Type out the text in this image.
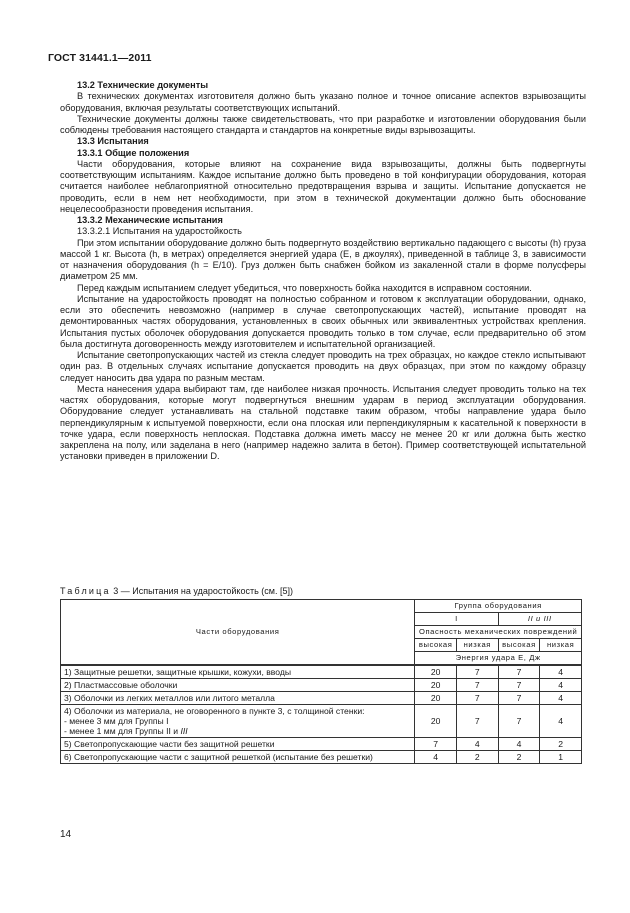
ГОСТ 31441.1—2011
13.2 Технические документы

В технических документах изготовителя должно быть указано полное и точное описание аспектов взрывозащиты оборудования, включая результаты соответствующих испытаний.

Технические документы должны также свидетельствовать, что при разработке и изготовлении оборудования были соблюдены требования настоящего стандарта и стандартов на конкретные виды взрывозащиты.

13.3 Испытания
13.3.1 Общие положения

Части оборудования, которые влияют на сохранение вида взрывозащиты, должны быть подвергнуты соответствующим испытаниям. Каждое испытание должно быть проведено в той конфигурации оборудования, которая считается наиболее неблагоприятной относительно предотвращения взрыва и защиты. Испытание допускается не проводить, если в нем нет необходимости, при этом в технической документации должно быть обоснование нецелесообразности проведения испытания.

13.3.2 Механические испытания
13.3.2.1 Испытания на ударостойкость

При этом испытании оборудование должно быть подвергнуто воздействию вертикально падающего с высоты (h) груза массой 1 кг. Высота (h, в метрах) определяется энергией удара (E, в джоулях), приведенной в таблице 3, в зависимости от назначения оборудования (h = E/10). Груз должен быть снабжен бойком из закаленной стали в форме полусферы диаметром 25 мм.

Перед каждым испытанием следует убедиться, что поверхность бойка находится в исправном состоянии.

Испытание на ударостойкость проводят на полностью собранном и готовом к эксплуатации оборудовании, однако, если это обеспечить невозможно (например в случае светопропускающих частей), испытание проводят на демонтированных частях оборудования, установленных в своих обычных или эквивалентных устройствах крепления. Испытания пустых оболочек оборудования допускается проводить только в том случае, если предварительно об этом была достигнута договоренность между изготовителем и испытательной организацией.

Испытание светопропускающих частей из стекла следует проводить на трех образцах, но каждое стекло испытывают один раз. В отдельных случаях испытание допускается проводить на двух образцах, при этом по каждому образцу следует наносить два удара по разным местам.

Места нанесения удара выбирают там, где наиболее низкая прочность. Испытания следует проводить только на тех частях оборудования, которые могут подвергнуться внешним ударам в период эксплуатации оборудования. Оборудование следует устанавливать на стальной подставке таким образом, чтобы направление удара было перпендикулярным к испытуемой поверхности, если она плоская или перпендикулярным к касательной к поверхности в точке удара, если поверхность неплоская. Подставка должна иметь массу не менее 20 кг или должна быть жестко закреплена на полу, или заделана в него (например надежно залита в бетон). Пример соответствующей испытательной установки приведен в приложении D.

Таблица 3 — Испытания на ударостойкость (см. [5])
Части оборудования	Группа оборудования			
	I		II и III	
	Опасность механических повреждений			
	высокая	низкая	высокая	низкая
	Энергия удара Е, Дж			
1) Защитные решетки, защитные крышки, кожухи, вводы	20	7	7	4
2) Пластмассовые оболочки	20	7	7	4
3) Оболочки из легких металлов или литого металла	20	7	7	4

4) Оболочки из материала, не оговоренного в пункте 3, с толщиной стенки:
- менее 3 мм для Группы I
- менее 1 мм для Группы II и III	20	7	7	4
5) Светопропускающие части без защитной решетки	7	4	4	2
6) Светопропускающие части с защитной решеткой (испытание без решетки)	4	2	2	1
14
